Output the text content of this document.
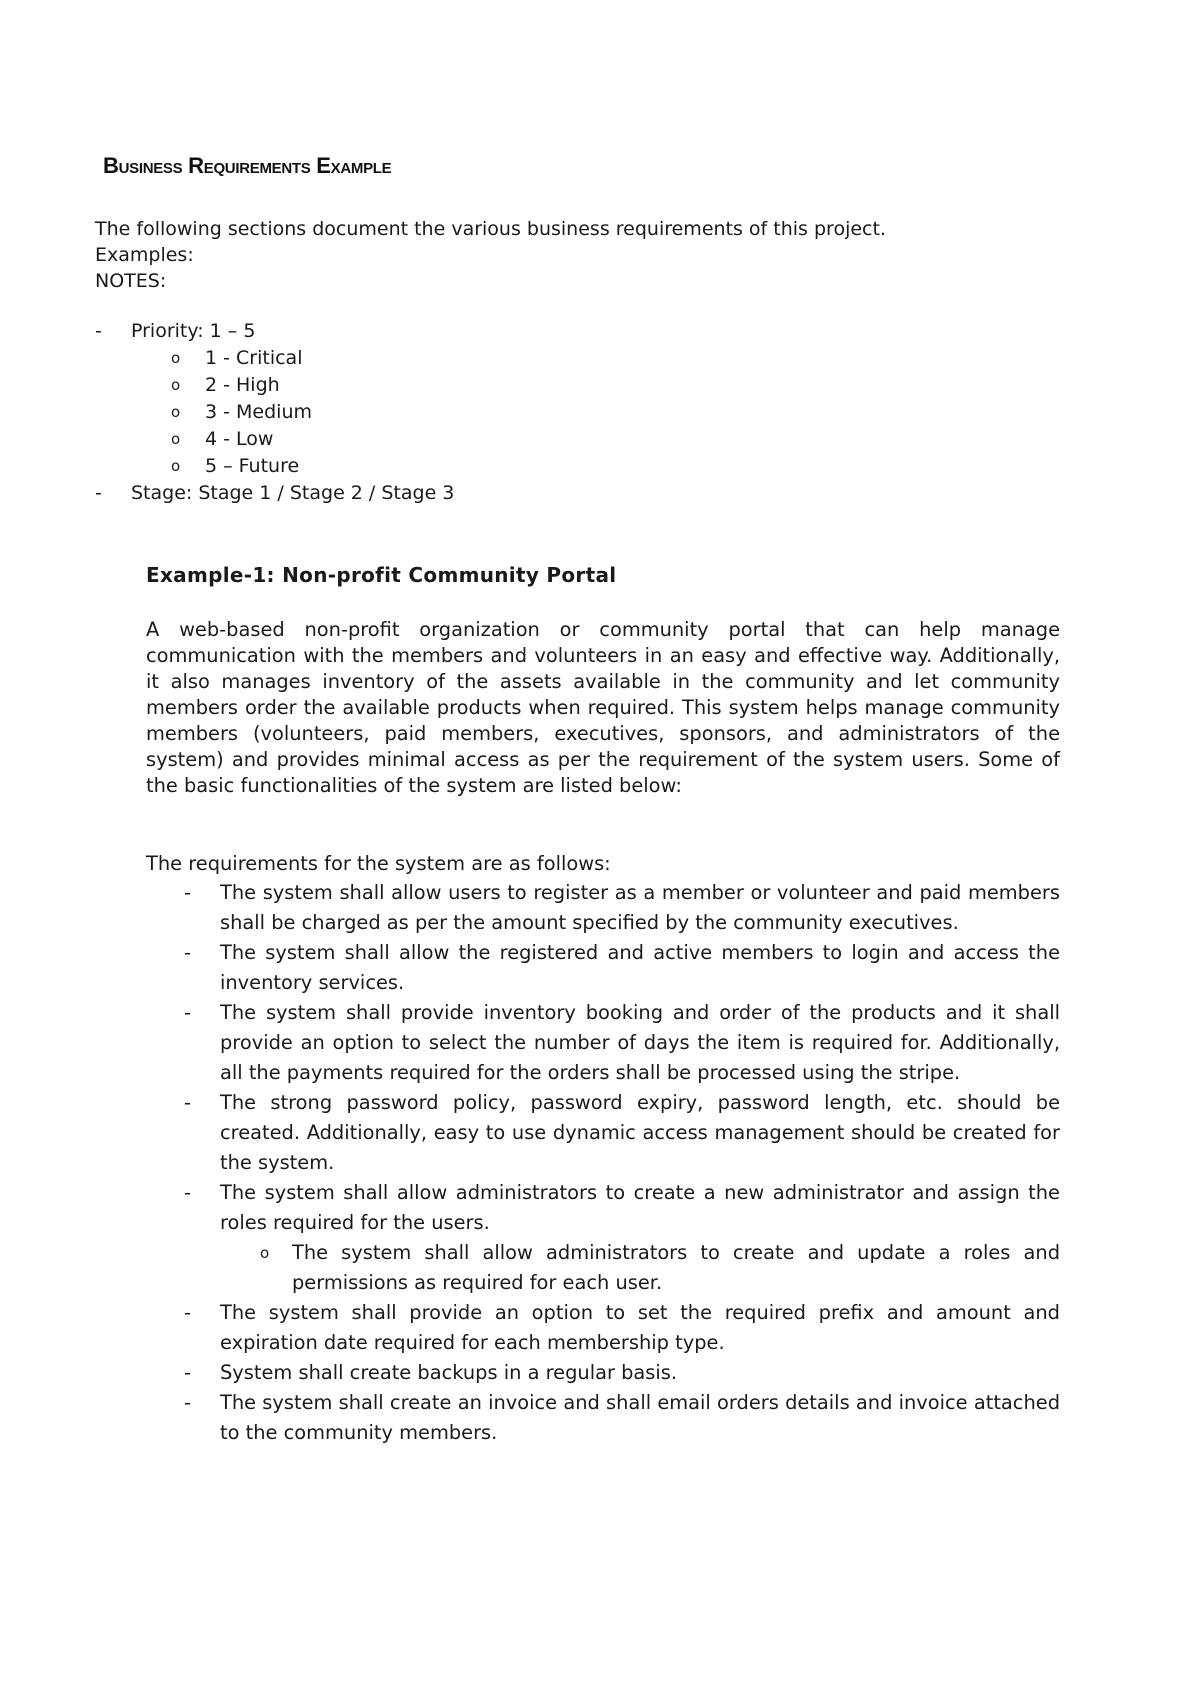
Business Requirements Example
The following sections document the various business requirements of this project.
Examples:
NOTES:
- Priority: 1 – 5
o 1 - Critical
o 2 - High
o 3 - Medium
o 4 - Low
o 5 – Future
- Stage: Stage 1 / Stage 2 / Stage 3
Example-1: Non-profit Community Portal
A web-based non-profit organization or community portal that can help manage communication with the members and volunteers in an easy and effective way. Additionally, it also manages inventory of the assets available in the community and let community members order the available products when required. This system helps manage community members (volunteers, paid members, executives, sponsors, and administrators of the system) and provides minimal access as per the requirement of the system users. Some of the basic functionalities of the system are listed below:
The requirements for the system are as follows:
- The system shall allow users to register as a member or volunteer and paid members shall be charged as per the amount specified by the community executives.
- The system shall allow the registered and active members to login and access the inventory services.
- The system shall provide inventory booking and order of the products and it shall provide an option to select the number of days the item is required for. Additionally, all the payments required for the orders shall be processed using the stripe.
- The strong password policy, password expiry, password length, etc. should be created. Additionally, easy to use dynamic access management should be created for the system.
- The system shall allow administrators to create a new administrator and assign the roles required for the users.
o The system shall allow administrators to create and update a roles and permissions as required for each user.
- The system shall provide an option to set the required prefix and amount and expiration date required for each membership type.
- System shall create backups in a regular basis.
- The system shall create an invoice and shall email orders details and invoice attached to the community members.
